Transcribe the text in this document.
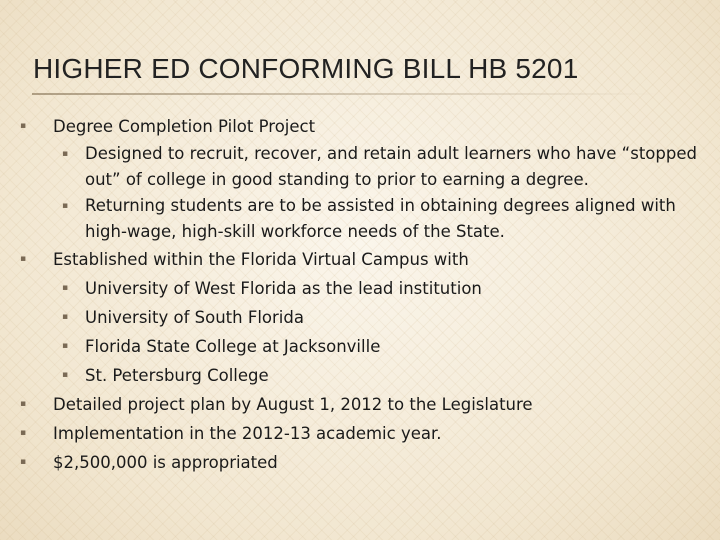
HIGHER ED CONFORMING BILL HB 5201
▪ Degree Completion Pilot Project
▪ Designed to recruit, recover, and retain adult learners who have “stopped out” of college in good standing to prior to earning a degree.
▪ Returning students are to be assisted in obtaining degrees aligned with high-wage, high-skill workforce needs of the State.
▪ Established within the Florida Virtual Campus with
▪ University of West Florida as the lead institution
▪ University of South Florida
▪ Florida State College at Jacksonville
▪ St. Petersburg College
▪ Detailed project plan by August 1, 2012 to the Legislature
▪ Implementation in the 2012-13 academic year.
▪ $2,500,000 is appropriated
